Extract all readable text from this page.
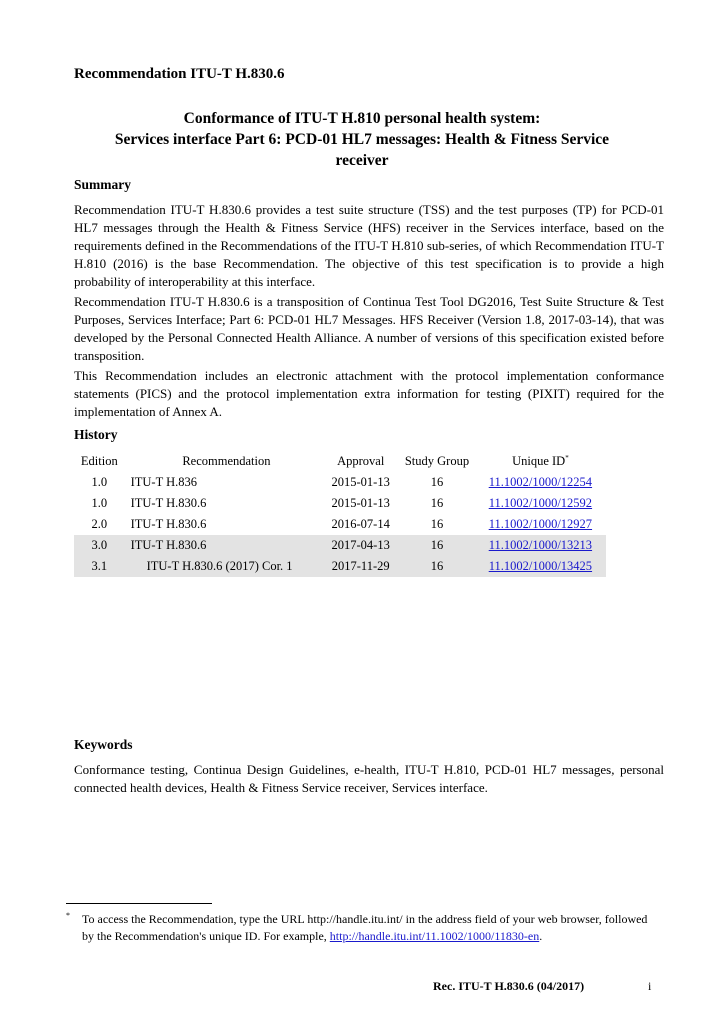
Recommendation ITU-T H.830.6
Conformance of ITU-T H.810 personal health system:
Services interface Part 6: PCD-01 HL7 messages: Health & Fitness Service
receiver
Summary

Recommendation ITU-T H.830.6 provides a test suite structure (TSS) and the test purposes (TP) for PCD-01 HL7 messages through the Health & Fitness Service (HFS) receiver in the Services interface, based on the requirements defined in the Recommendations of the ITU-T H.810 sub-series, of which Recommendation ITU-T H.810 (2016) is the base Recommendation. The objective of this test specification is to provide a high probability of interoperability at this interface.

Recommendation ITU-T H.830.6 is a transposition of Continua Test Tool DG2016, Test Suite Structure & Test Purposes, Services Interface; Part 6: PCD-01 HL7 Messages. HFS Receiver (Version 1.8, 2017-03-14), that was developed by the Personal Connected Health Alliance. A number of versions of this specification existed before transposition.

This Recommendation includes an electronic attachment with the protocol implementation conformance statements (PICS) and the protocol implementation extra information for testing (PIXIT) required for the implementation of Annex A.

History
Edition	Recommendation	Approval	Study Group	Unique ID*
1.0	ITU-T H.836	2015-01-13	16	11.1002/1000/12254
1.0	ITU-T H.830.6	2015-01-13	16	11.1002/1000/12592
2.0	ITU-T H.830.6	2016-07-14	16	11.1002/1000/12927
3.0	ITU-T H.830.6	2017-04-13	16	11.1002/1000/13213
3.1	ITU-T H.830.6 (2017) Cor. 1	2017-11-29	16	11.1002/1000/13425
Keywords

Conformance testing, Continua Design Guidelines, e-health, ITU-T H.810, PCD-01 HL7 messages, personal connected health devices, Health & Fitness Service receiver, Services interface.

* To access the Recommendation, type the URL http://handle.itu.int/ in the address field of your web browser, followed by the Recommendation's unique ID. For example, http://handle.itu.int/11.1002/1000/11830-en.

Rec. ITU-T H.830.6 (04/2017)	i
